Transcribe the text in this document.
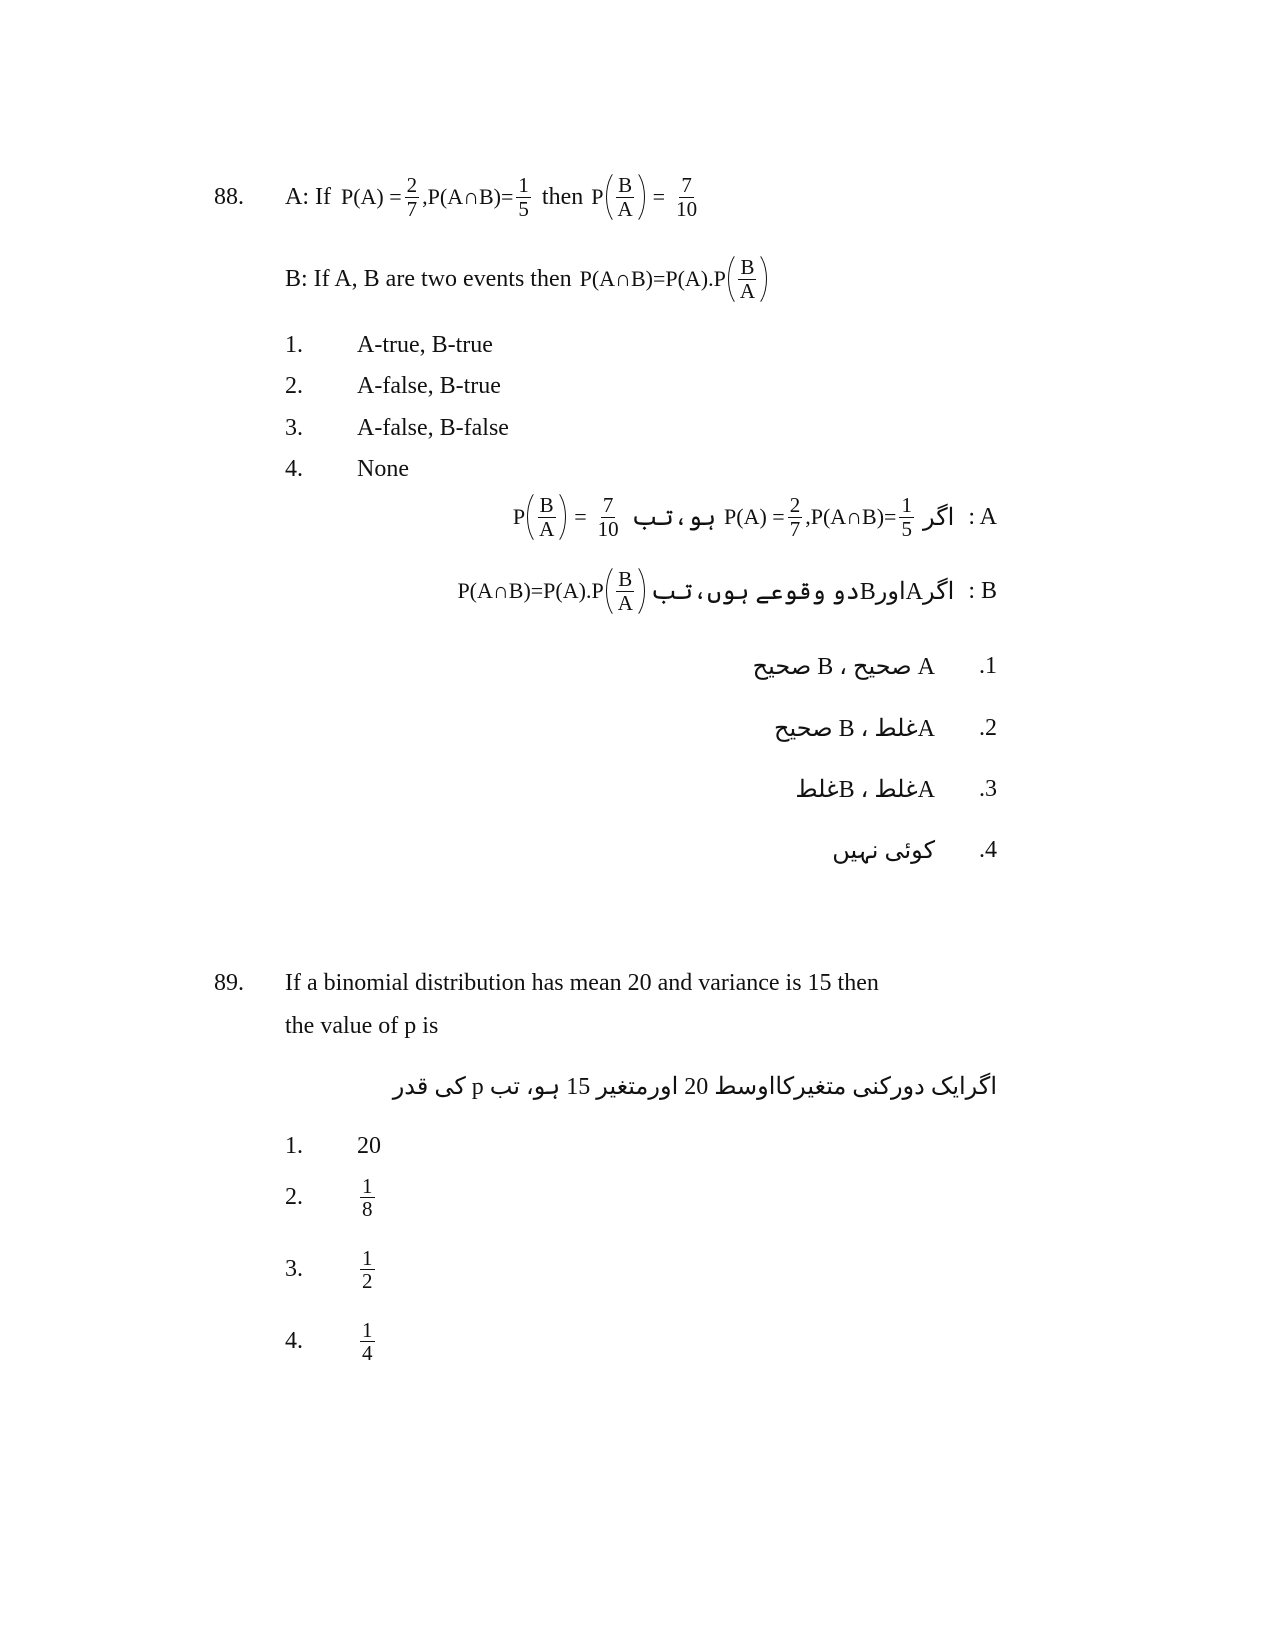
88. A: If $P(A) = \frac{2}{7}$ ,P(A∩B)= $\frac{1}{5}$ then P $\frac{B}{A} = \frac{7}{10}$
B: If A, B are two events then P(A∩B)=P(A).P $\frac{B}{A}$
1. A-true, B-true
2. A-false, B-true
3. A-false, B-false
4. None
P $\frac{B}{A} = \frac{7}{10}$ ہو،تب $P(A) = \frac{2}{7}$ ,P(A∩B)= $\frac{1}{5}$ اگر : A
P(A∩B)=P(A).P $\frac{B}{A}$ اگرAاورBدو وقوعے ہوں،تب : B
A صحیح ، B صحیح .1
Aغلط ، B صحیح .2
Aغلط ، Bغلط .3
کوئی نہیں .4
89. If a binomial distribution has mean 20 and variance is 15 then
the value of p is
اگرایک دورکنی متغیرکااوسط 20 اورمتغیر 15 ہو، تب p کی قدر
1. 20
2.	$\frac{1}{8}$
3.	$\frac{1}{2}$
4.	$\frac{1}{4}$
